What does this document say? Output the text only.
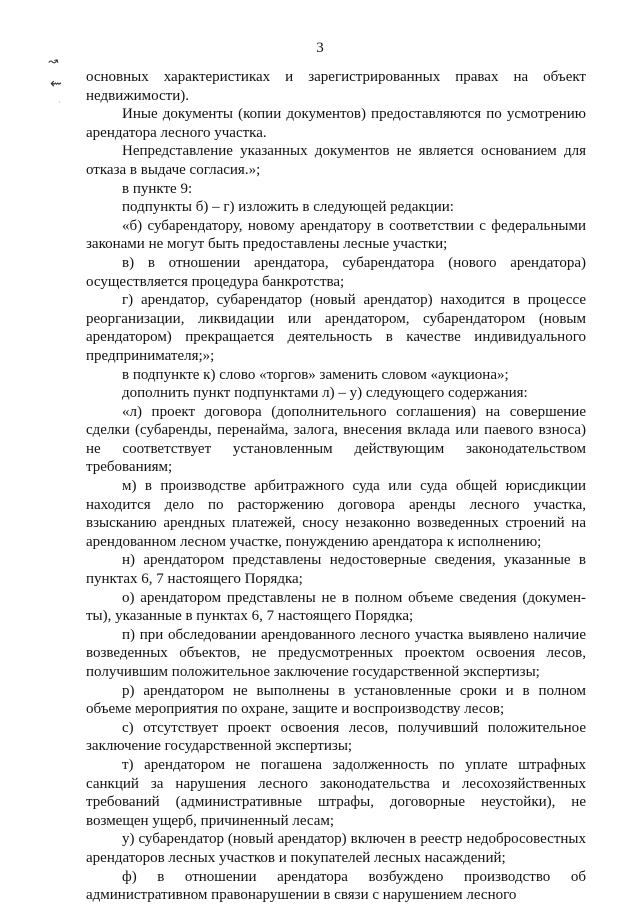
3
↝
⇜
·

основных характеристиках и зарегистрированных правах на объект недвижимости).

Иные документы (копии документов) предоставляются по усмотрению арендатора лесного участка.

Непредставление указанных документов не является основанием для отказа в выдаче согласия.»;

в пункте 9:

подпункты б) – г) изложить в следующей редакции:

«б) субарендатору, новому арендатору в соответствии с федеральными законами не могут быть предоставлены лесные участки;

в) в отношении арендатора, субарендатора (нового арендатора) осуществляется процедура банкротства;

г) арендатор, субарендатор (новый арендатор) находится в процессе реорганизации, ликвидации или арендатором, субарендатором (новым арендатором) прекращается деятельность в качестве индивидуального предпринимателя;»;

в подпункте к) слово «торгов» заменить словом «аукциона»;

дополнить пункт подпунктами л) – у) следующего содержания:

«л) проект договора (дополнительного соглашения) на совершение сделки (субаренды, перенайма, залога, внесения вклада или паевого взноса) не соответствует установленным действующим законодательством требованиям;

м) в производстве арбитражного суда или суда общей юрисдикции находится дело по расторжению договора аренды лесного участка, взысканию арендных платежей, сносу незаконно возведенных строений на арендованном лесном участке, понуждению арендатора к исполнению;

н) арендатором представлены недостоверные сведения, указанные в пунктах 6, 7 настоящего Порядка;

о) арендатором представлены не в полном объеме сведения (докумен-ты), указанные в пунктах 6, 7 настоящего Порядка;

п) при обследовании арендованного лесного участка выявлено наличие возведенных объектов, не предусмотренных проектом освоения лесов, получившим положительное заключение государственной экспертизы;

р) арендатором не выполнены в установленные сроки и в полном объеме мероприятия по охране, защите и воспроизводству лесов;

с) отсутствует проект освоения лесов, получивший положительное заключение государственной экспертизы;

т) арендатором не погашена задолженность по уплате штрафных санкций за нарушения лесного законодательства и лесохозяйственных требований (административные штрафы, договорные неустойки), не возмещен ущерб, причиненный лесам;

у) субарендатор (новый арендатор) включен в реестр недобросовестных арендаторов лесных участков и покупателей лесных насаждений;

ф) в отношении арендатора возбуждено производство об административном правонарушении в связи с нарушением лесного
